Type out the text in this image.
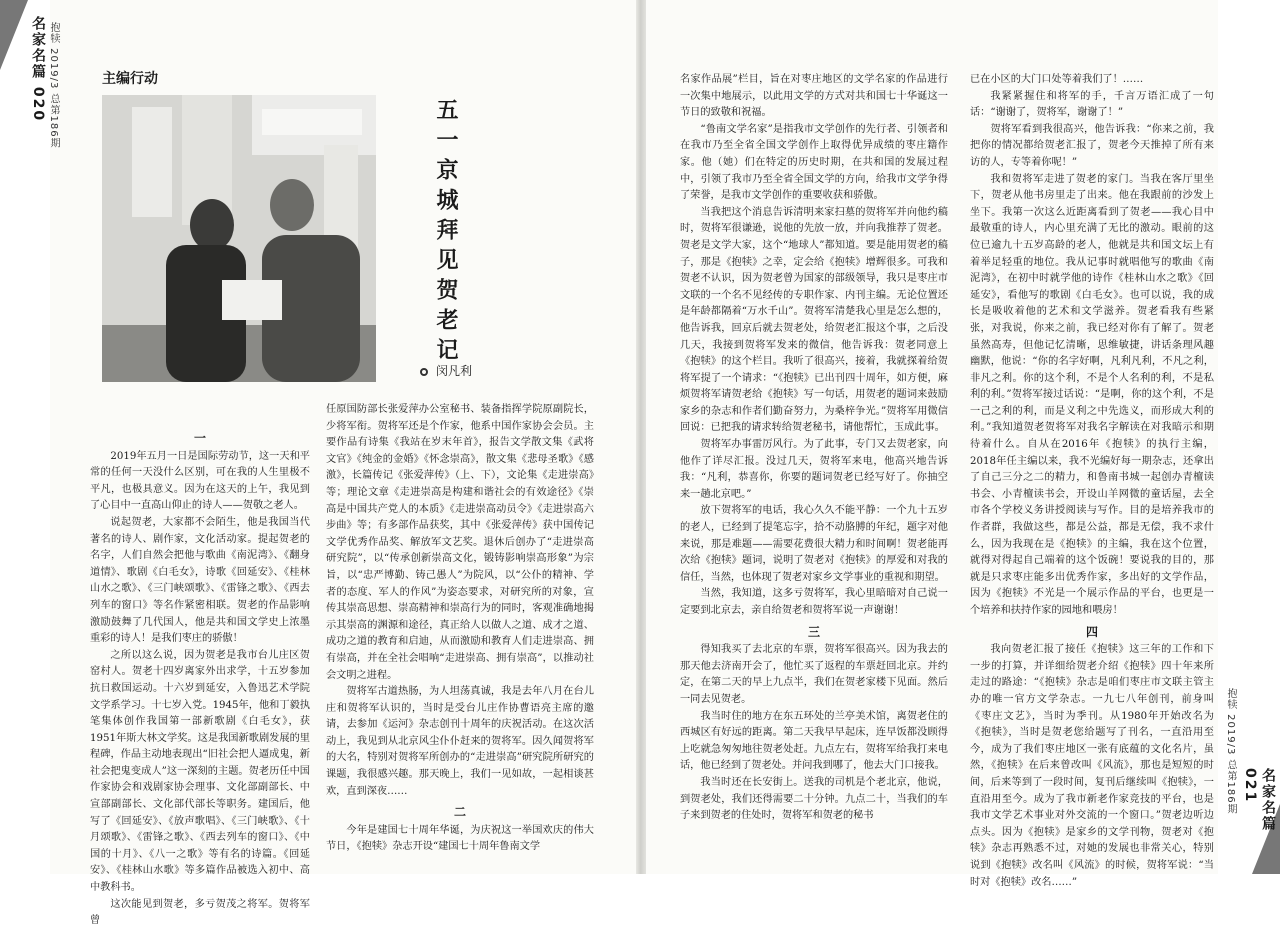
名家名篇 020 抱犊 2019/3 总第186期	主编行动
五一京城拜见贺老记
闵凡利

一

2019年五月一日是国际劳动节，这一天和平常的任何一天没什么区别，可在我的人生里极不平凡，也极具意义。因为在这天的上午，我见到了心目中一直高山仰止的诗人——贺敬之老人。

说起贺老，大家都不会陌生，他是我国当代著名的诗人、剧作家，文化活动家。提起贺老的名字，人们自然会把他与歌曲《南泥湾》、《翻身道情》、歌剧《白毛女》，诗歌《回延安》、《桂林山水之歌》、《三门峡颂歌》、《雷锋之歌》、《西去列车的窗口》等名作紧密相联。贺老的作品影响激励鼓舞了几代国人，他是共和国文学史上浓墨重彩的诗人！是我们枣庄的骄傲！

之所以这么说，因为贺老是我市台儿庄区贺窑村人。贺老十四岁离家外出求学，十五岁参加抗日救国运动。十六岁到延安，入鲁迅艺术学院文学系学习。十七岁入党。1945年，他和丁毅执笔集体创作我国第一部新歌剧《白毛女》，获1951年斯大林文学奖。这是我国新歌剧发展的里程碑，作品主动地表现出“旧社会把人逼成鬼，新社会把鬼变成人”这一深刻的主题。贺老历任中国作家协会和戏剧家协会理事、文化部副部长、中宣部副部长、文化部代部长等职务。建国后，他写了《回延安》、《放声歌唱》、《三门峡歌》、《十月颂歌》、《雷锋之歌》、《西去列车的窗口》、《中国的十月》、《八一之歌》等有名的诗篇。《回延安》、《桂林山水歌》等多篇作品被选入初中、高中教科书。

这次能见到贺老，多亏贺茂之将军。贺将军曾

任原国防部长张爱萍办公室秘书、装备指挥学院原副院长，少将军衔。贺将军还是个作家，他系中国作家协会会员。主要作品有诗集《我站在岁末年首》，报告文学散文集《武将文官》《纯金的金婚》《怀念崇高》，散文集《悲母圣歌》《感激》，长篇传记《张爱萍传》（上、下），文论集《走进崇高》等；理论文章《走进崇高是构建和谐社会的有效途径》《崇高是中国共产党人的本质》《走进崇高动员令》《走进崇高六步曲》等；有多部作品获奖，其中《张爱萍传》获中国传记文学优秀作品奖、解放军文艺奖。退休后创办了“走进崇高研究院”，以“传承创新崇高文化，锻铸影响崇高形象”为宗旨，以“忠严博勤、铸己愚人”为院风，以“公仆的精神、学者的态度、军人的作风”为姿态要求，对研究所的对象，宣传其崇高思想、崇高精神和崇高行为的同时，客观准确地揭示其崇高的渊源和途径，真正给人以做人之道、成才之道、成功之道的教育和启迪，从而激励和教育人们走进崇高、拥有崇高，并在全社会唱响“走进崇高、拥有崇高”，以推动社会文明之进程。

贺将军古道热肠，为人坦荡真诚，我是去年八月在台儿庄和贺将军认识的，当时是受台儿庄作协曹语亮主席的邀请，去参加《运河》杂志创刊十周年的庆祝活动。在这次活动上，我见到从北京风尘仆仆赶来的贺将军。因久闻贺将军的大名，特别对贺将军所创办的“走进崇高”研究院所研究的课题，我很感兴趣。那天晚上，我们一见如故，一起相谈甚欢，直到深夜……

二

今年是建国七十周年华诞，为庆祝这一举国欢庆的伟大节日，《抱犊》杂志开设“建国七十周年鲁南文学

名家作品展”栏目，旨在对枣庄地区的文学名家的作品进行一次集中地展示，以此用文学的方式对共和国七十华诞这一节日的致敬和祝福。

“鲁南文学名家”是指我市文学创作的先行者、引领者和在我市乃至全省全国文学创作上取得优异成绩的枣庄籍作家。他（她）们在特定的历史时期，在共和国的发展过程中，引领了我市乃至全省全国文学的方向，给我市文学争得了荣誉，是我市文学创作的重要收获和骄傲。

当我把这个消息告诉清明来家扫墓的贺将军并向他约稿时，贺将军很谦逊，说他的先放一放，并向我推荐了贺老。贺老是文学大家，这个“地球人”都知道。要是能用贺老的稿子，那是《抱犊》之幸，定会给《抱犊》增辉很多。可我和贺老不认识，因为贺老曾为国家的部级领导，我只是枣庄市文联的一个名不见经传的专职作家、内刊主编。无论位置还是年龄都隔着“万水千山”。贺将军清楚我心里是怎么想的，他告诉我，回京后就去贺老处，给贺老汇报这个事，之后没几天，我接到贺将军发来的微信，他告诉我：贺老同意上《抱犊》的这个栏目。我听了很高兴，接着，我就探着给贺将军提了一个请求：“《抱犊》已出刊四十周年，如方便，麻烦贺将军请贺老给《抱犊》写一句话，用贺老的题词来鼓励家乡的杂志和作者们勤奋努力，为桑梓争光。”贺将军用微信回说：已把我的请求转给贺老秘书，请他帮忙，玉成此事。

贺将军办事雷厉风行。为了此事，专门又去贺老家，向他作了详尽汇报。没过几天，贺将军来电，他高兴地告诉我：“凡利，恭喜你，你要的题词贺老已经写好了。你抽空来一趟北京吧。”

放下贺将军的电话，我心久久不能平静：一个九十五岁的老人，已经到了提笔忘字，拾不动胳膊的年纪，题字对他来说，那是难题——需要花费很大精力和时间啊！贺老能再次给《抱犊》题词，说明了贺老对《抱犊》的厚爱和对我的信任，当然，也体现了贺老对家乡文学事业的重视和期望。

当然，我知道，这多亏贺将军，我心里暗暗对自己说一定要到北京去，亲自给贺老和贺将军说一声谢谢！

三

得知我买了去北京的车票，贺将军很高兴。因为我去的那天他去济南开会了，他忙买了返程的车票赶回北京。并约定，在第二天的早上九点半，我们在贺老家楼下见面。然后一同去见贺老。

我当时住的地方在东五环处的兰亭美术馆，离贺老住的西城区有好远的距离。第二天我早早起床，连早饭都没顾得上吃就急匆匆地往贺老处赶。九点左右，贺将军给我打来电话，他已经到了贺老处。并问我到哪了，他去大门口接我。

我当时还在长安街上。送我的司机是个老北京，他说，到贺老处，我们还得需要二十分钟。九点二十，当我们的车子来到贺老的住处时，贺将军和贺老的秘书

已在小区的大门口处等着我们了！……

我紧紧握住和将军的手，千言万语汇成了一句话：“谢谢了，贺将军，谢谢了！”

贺将军看到我很高兴，他告诉我：“你来之前，我把你的情况都给贺老汇报了，贺老今天推掉了所有来访的人，专等着你呢！”

我和贺将军走进了贺老的家门。当我在客厅里坐下，贺老从他书房里走了出来。他在我跟前的沙发上坐下。我第一次这么近距离看到了贺老——我心目中最敬重的诗人，内心里充满了无比的激动。眼前的这位已逾九十五岁高龄的老人，他就是共和国文坛上有着举足轻重的地位。我从记事时就唱他写的歌曲《南泥湾》，在初中时就学他的诗作《桂林山水之歌》《回延安》，看他写的歌剧《白毛女》。也可以说，我的成长是吸收着他的艺术和文学滋养。贺老看我有些紧张，对我说，你来之前，我已经对你有了解了。贺老虽然高寿，但他记忆清晰，思维敏捷，讲话条理风趣幽默，他说：“你的名字好啊，凡利凡利，不凡之利，非凡之利。你的这个利，不是个人名利的利，不是私利的利。”贺将军接过话说：“是啊，你的这个利，不是一己之利的利，而是义利之中先选义，而形成大利的利。”我知道贺老贺将军对我名字解读在对我暗示和期待着什么。自从在2016年《抱犊》的执行主编，2018年任主编以来，我不光编好每一期杂志，还拿出了自己三分之二的精力，和鲁南书城一起创办青檀读书会、小青檀读书会，开设山羊网微的童话屋，去全市各个学校义务讲授阅读与写作。目的是培养我市的作者群，我做这些，都是公益，都是无偿，我不求什么，因为我现在是《抱犊》的主编，我在这个位置，就得对得起自己端着的这个饭碗！要说我的目的，那就是只求枣庄能多出优秀作家，多出好的文学作品，因为《抱犊》不光是一个展示作品的平台，也更是一个培养和扶持作家的园地和喂房！

四

我向贺老汇报了接任《抱犊》这三年的工作和下一步的打算，并详细给贺老介绍《抱犊》四十年来所走过的路途：“《抱犊》杂志是咱们枣庄市文联主管主办的唯一官方文学杂志。一九七八年创刊，前身叫《枣庄文艺》，当时为季刊。从1980年开始改名为《抱犊》，当时是贺老您给题写了刊名，一直沿用至今，成为了我们枣庄地区一张有底蕴的文化名片，虽然，《抱犊》在后来曾改叫《风流》，那也是短短的时间，后来等到了一段时间，复刊后继续叫《抱犊》，一直沿用至今。成为了我市新老作家竞技的平台，也是我市文学艺术事业对外交流的一个窗口。”贺老边听边点头。因为《抱犊》是家乡的文学刊物，贺老对《抱犊》杂志再熟悉不过，对她的发展也非常关心，特别说到《抱犊》改名叫《风流》的时候，贺将军说：“当时对《抱犊》改名……”

抱犊 2019/3 总第186期	名家名篇 021
